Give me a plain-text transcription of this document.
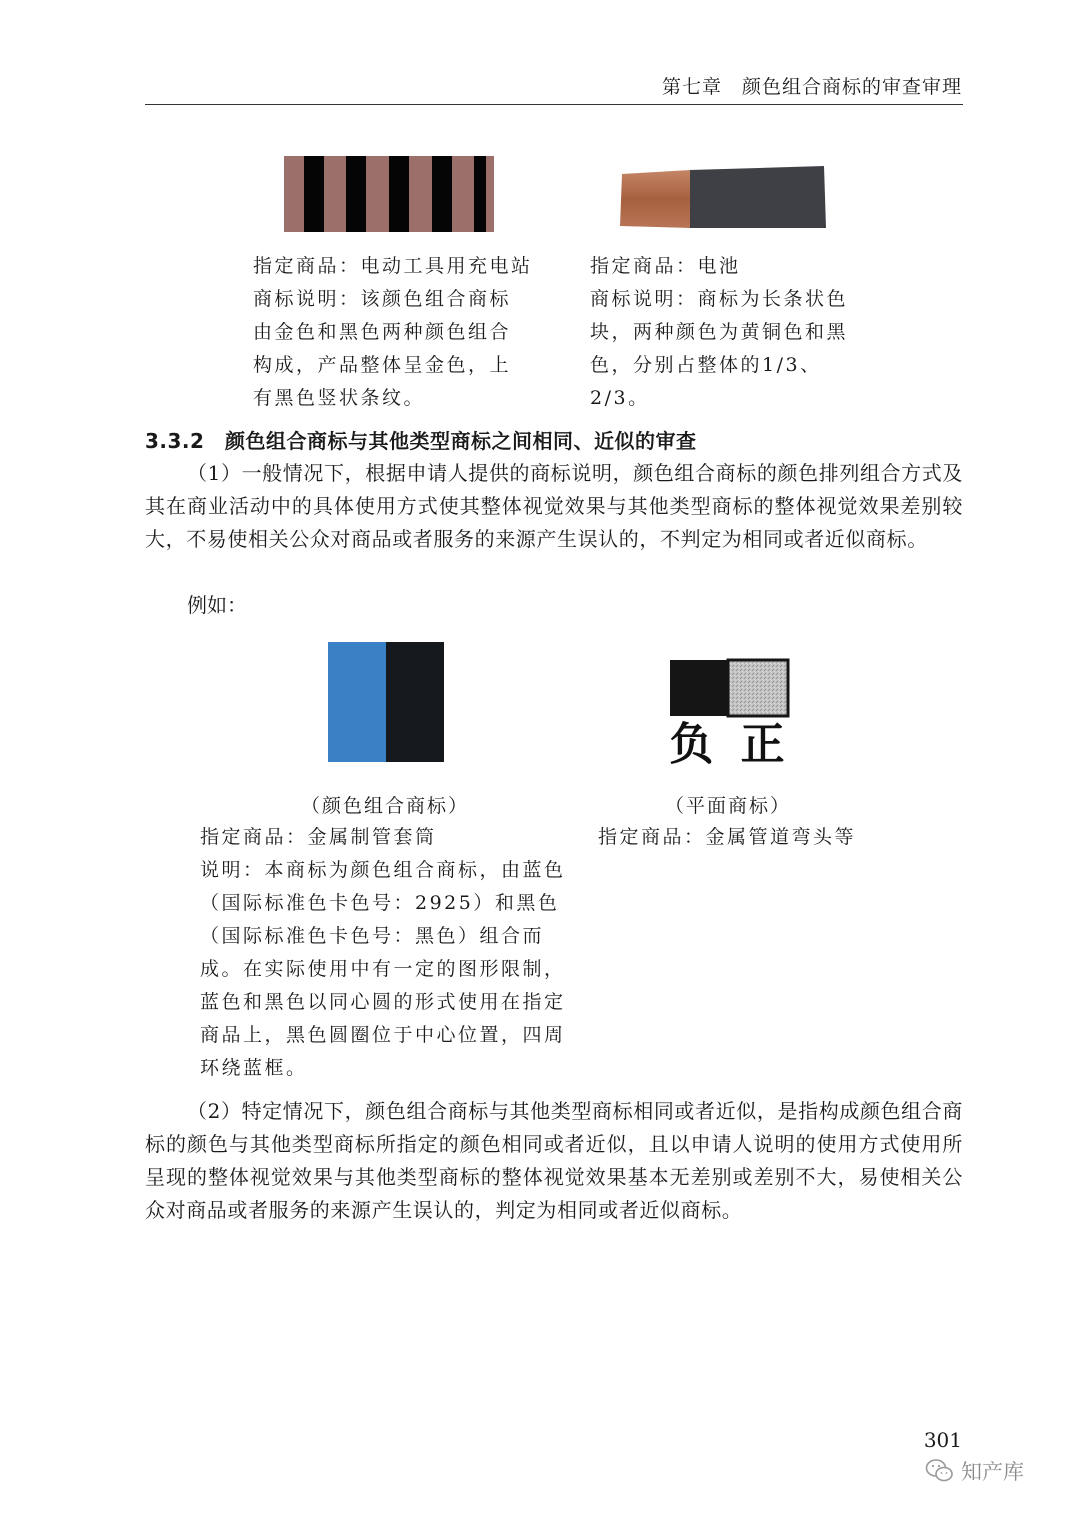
第七章　颜色组合商标的审查审理
指定商品：电动工具用充电站
商标说明：该颜色组合商标
由金色和黑色两种颜色组合
构成，产品整体呈金色，上
有黑色竖状条纹。
指定商品：电池
商标说明：商标为长条状色
块，两种颜色为黄铜色和黑
色，分别占整体的1/3、2/3。
3.3.2　颜色组合商标与其他类型商标之间相同、近似的审查
（1）一般情况下，根据申请人提供的商标说明，颜色组合商标的颜色排列组合方式及其在商业活动中的具体使用方式使其整体视觉效果与其他类型商标的整体视觉效果差别较大，不易使相关公众对商品或者服务的来源产生误认的，不判定为相同或者近似商标。
例如：
负 正
（颜色组合商标）	（平面商标）
指定商品：金属制管套筒
说明：本商标为颜色组合商标，由蓝色
（国际标准色卡色号：2925）和黑色
（国际标准色卡色号：黑色）组合而
成。在实际使用中有一定的图形限制，
蓝色和黑色以同心圆的形式使用在指定
商品上，黑色圆圈位于中心位置，四周
环绕蓝框。
指定商品：金属管道弯头等
（2）特定情况下，颜色组合商标与其他类型商标相同或者近似，是指构成颜色组合商标的颜色与其他类型商标所指定的颜色相同或者近似，且以申请人说明的使用方式使用所呈现的整体视觉效果与其他类型商标的整体视觉效果基本无差别或差别不大，易使相关公众对商品或者服务的来源产生误认的，判定为相同或者近似商标。
301
知产库
